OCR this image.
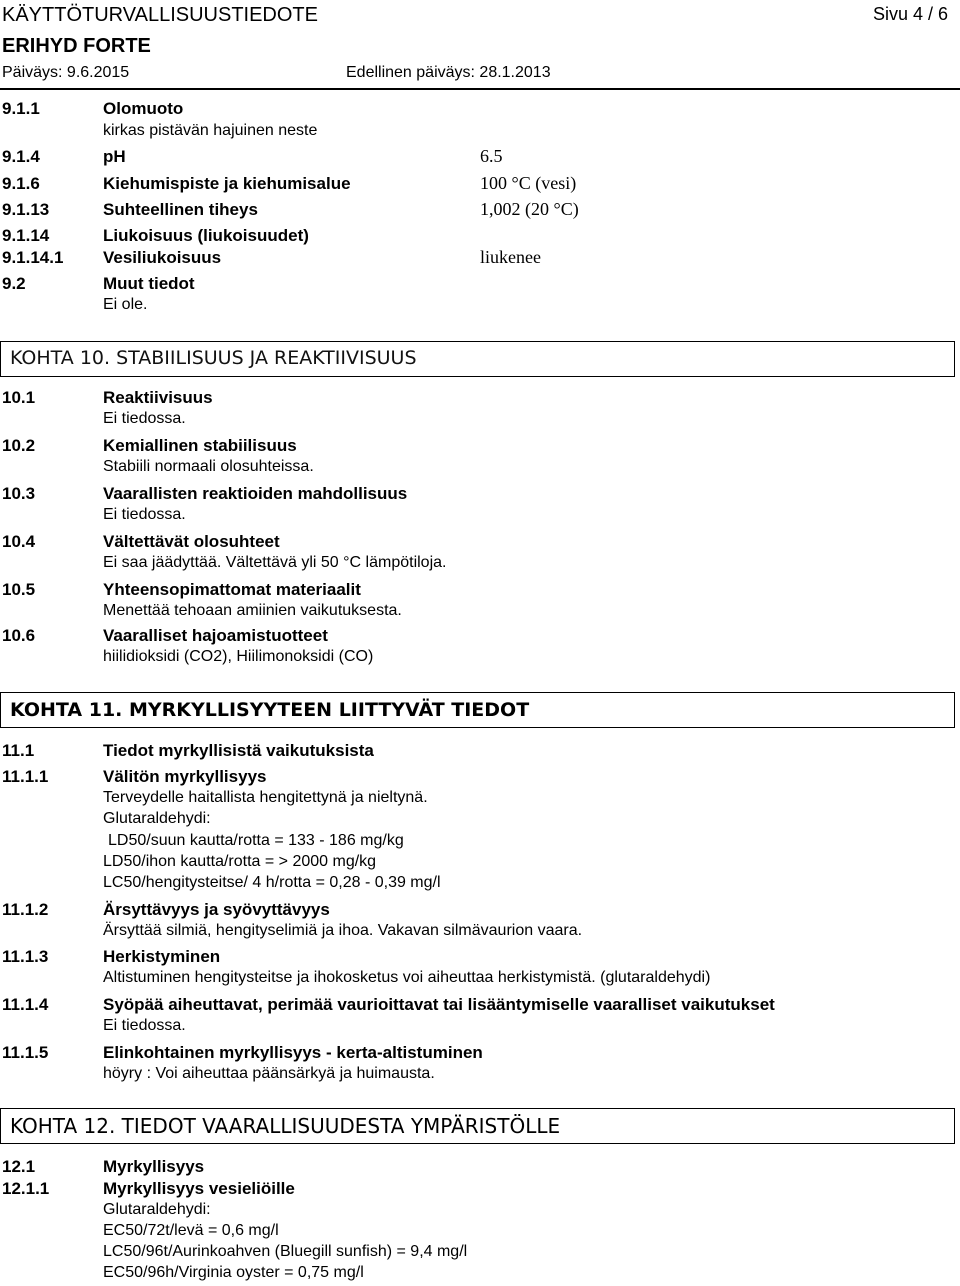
KÄYTTÖTURVALLISUUSTIEDOTE	Sivu 4 / 6
ERIHYD FORTE
Päiväys: 9.6.2015	Edellinen päiväys: 28.1.2013
9.1.1	Olomuoto
kirkas pistävän hajuinen neste
9.1.4	pH	6.5
9.1.6	Kiehumispiste ja kiehumisalue	100 °C (vesi)
9.1.13	Suhteellinen tiheys	1,002 (20 °C)
9.1.14	Liukoisuus (liukoisuudet)
9.1.14.1 Vesiliukoisuus	liukenee
9.2	Muut tiedot
Ei ole.
KOHTA 10. STABIILISUUS JA REAKTIIVISUUS
10.1	Reaktiivisuus
Ei tiedossa.
10.2	Kemiallinen stabiilisuus
Stabiili normaali olosuhteissa.
10.3	Vaarallisten reaktioiden mahdollisuus
Ei tiedossa.
10.4	Vältettävät olosuhteet
Ei saa jäädyttää. Vältettävä yli 50 °C lämpötiloja.
10.5	Yhteensopimattomat materiaalit
Menettää tehoaan amiinien vaikutuksesta.
10.6	Vaaralliset hajoamistuotteet
hiilidioksidi (CO2), Hiilimonoksidi (CO)
KOHTA 11. MYRKYLLISYYTEEN LIITTYVÄT TIEDOT
11.1	Tiedot myrkyllisistä vaikutuksista
11.1.1	Välitön myrkyllisyys
Terveydelle haitallista hengitettynä ja nieltynä.
Glutaraldehydi:
LD50/suun kautta/rotta = 133 - 186 mg/kg
LD50/ihon kautta/rotta = > 2000 mg/kg
LC50/hengitysteitse/ 4 h/rotta = 0,28 - 0,39 mg/l
11.1.2	Ärsyttävyys ja syövyttävyys
Ärsyttää silmiä, hengityselimiä ja ihoa. Vakavan silmävaurion vaara.
11.1.3	Herkistyminen
Altistuminen hengitysteitse ja ihokosketus voi aiheuttaa herkistymistä. (glutaraldehydi)
11.1.4	Syöpää aiheuttavat, perimää vaurioittavat tai lisääntymiselle vaaralliset vaikutukset
Ei tiedossa.
11.1.5	Elinkohtainen myrkyllisyys - kerta-altistuminen
höyry : Voi aiheuttaa päänsärkyä ja huimausta.
KOHTA 12. TIEDOT VAARALLISUUDESTA YMPÄRISTÖLLE
12.1	Myrkyllisyys
12.1.1	Myrkyllisyys vesieliöille
Glutaraldehydi:
EC50/72t/levä = 0,6 mg/l
LC50/96t/Aurinkoahven (Bluegill sunfish) = 9,4 mg/l
EC50/96h/Virginia oyster = 0,75 mg/l
